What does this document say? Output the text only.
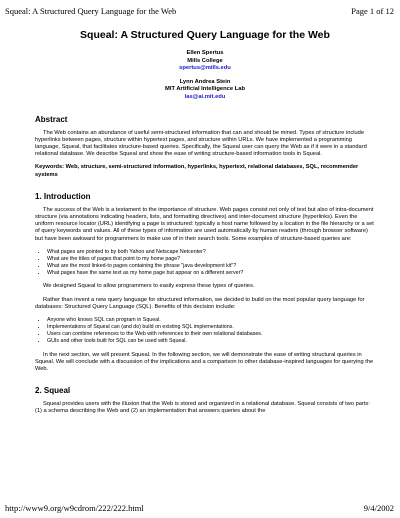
Squeal: A Structured Query Language for the Web	Page 1 of 12
Squeal: A Structured Query Language for the Web
Ellen Spertus
Mills College
spertus@mills.edu
Lynn Andrea Stein
MIT Artificial Intelligence Lab
las@ai.mit.edu
Abstract

The Web contains an abundance of useful semi-structured information that can and should be mined. Types of structure include hyperlinks between pages, structure within hypertext pages, and structure within URLs. We have implemented a programming language, Squeal, that facilitates structure-based queries. Specifically, the Squeal user can query the Web as if it were in a standard relational database. We describe Squeal and show the ease of writing structure-based information tools in Squeal.

Keywords: Web, structure, semi-structured information, hyperlinks, hypertext, relational databases, SQL, recommender systems

1. Introduction

The success of the Web is a testament to the importance of structure. Web pages consist not only of text but also of intra-document structure (via annotations indicating headers, lists, and formatting directives) and inter-document structure (hyperlinks). Even the uniform resource locator (URL) identifying a page is structured: typically a host name followed by a location in the file hierarchy or a set of query keywords and values. All of these types of information are used automatically by human readers (through browser software) but have been awkward for programmers to make use of in their search tools. Some examples of structure-based queries are:

• What pages are pointed to by both Yahoo and Netscape Netcenter?
• What are the titles of pages that point to my home page?
• What are the most linked-to pages containing the phrase "java development kit"?
• What pages have the same text as my home page but appear on a different server?

We designed Squeal to allow programmers to easily express these types of queries.

Rather than invent a new query language for structured information, we decided to build on the most popular query language for databases: Structured Query Language (SQL). Benefits of this decision include:

• Anyone who knows SQL can program in Squeal.
• Implementations of Squeal can (and do) build on existing SQL implementations.
• Users can combine references to the Web with references to their own relational databases.
• GUIs and other tools built for SQL can be used with Squeal.

In the next section, we will present Squeal. In the following section, we will demonstrate the ease of writing structural queries in Squeal. We will conclude with a discussion of the implications and a comparison to other database-inspired languages for querying the Web.

2. Squeal

Squeal provides users with the illusion that the Web is stored and organized in a relational database. Squeal consists of two parts: (1) a schema describing the Web and (2) an implementation that answers queries about the

http://www9.org/w9cdrom/222/222.html	9/4/2002
